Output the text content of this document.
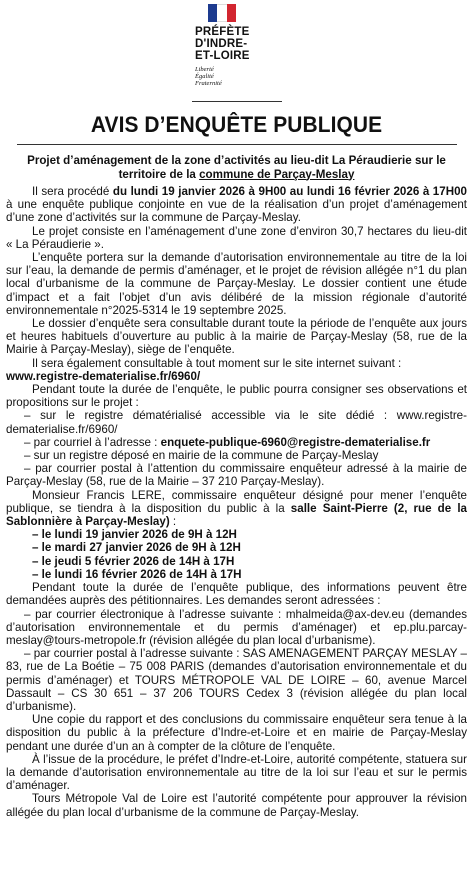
PRÉFÈTE
D'INDRE-
ET-LOIRE
Liberté
Égalité
Fraternité
AVIS D’ENQUÊTE PUBLIQUE
Projet d’aménagement de la zone d’activités au lieu-dit La Péraudierie sur le territoire de la commune de Parçay-Meslay

Il sera procédé du lundi 19 janvier 2026 à 9H00 au lundi 16 février 2026 à 17H00 à une enquête publique conjointe en vue de la réalisation d’un projet d’aménagement d’une zone d’activités sur la commune de Parçay-Meslay.

Le projet consiste en l’aménagement d’une zone d’environ 30,7 hectares du lieu-dit « La Péraudierie ».

L’enquête portera sur la demande d’autorisation environnementale au titre de la loi sur l’eau, la demande de permis d’aménager, et le projet de révision allégée n°1 du plan local d’urbanisme de la commune de Parçay-Meslay. Le dossier contient une étude d’impact et a fait l’objet d’un avis délibéré de la mission régionale d’autorité environnementale n°2025-5314 le 19 septembre 2025.

Le dossier d’enquête sera consultable durant toute la période de l’enquête aux jours et heures habituels d’ouverture au public à la mairie de Parçay-Meslay (58, rue de la Mairie à Parçay-Meslay), siège de l’enquête.

Il sera également consultable à tout moment sur le site internet suivant :

www.registre-dematerialise.fr/6960/

Pendant toute la durée de l’enquête, le public pourra consigner ses observations et propositions sur le projet :

– sur le registre dématérialisé accessible via le site dédié : www.registre-dematerialise.fr/6960/

– par courriel à l’adresse : enquete-publique-6960@registre-dematerialise.fr

– sur un registre déposé en mairie de la commune de Parçay-Meslay

– par courrier postal à l’attention du commissaire enquêteur adressé à la mairie de Parçay-Meslay (58, rue de la Mairie – 37 210 Parçay-Meslay).

Monsieur Francis LERE, commissaire enquêteur désigné pour mener l’enquête publique, se tiendra à la disposition du public à la salle Saint-Pierre (2, rue de la Sablonnière à Parçay-Meslay) :

– le lundi 19 janvier 2026 de 9H à 12H

– le mardi 27 janvier 2026 de 9H à 12H

– le jeudi 5 février 2026 de 14H à 17H

– le lundi 16 février 2026 de 14H à 17H

Pendant toute la durée de l’enquête publique, des informations peuvent être demandées auprès des pétitionnaires. Les demandes seront adressées :

– par courrier électronique à l’adresse suivante : mhalmeida@ax-dev.eu (demandes d’autorisation environnementale et du permis d’aménager) et ep.plu.parcay-meslay@tours-metropole.fr (révision allégée du plan local d’urbanisme).

– par courrier postal à l’adresse suivante : SAS AMENAGEMENT PARÇAY MESLAY – 83, rue de La Boétie – 75 008 PARIS (demandes d’autorisation environnementale et du permis d’aménager) et TOURS MÉTROPOLE VAL DE LOIRE – 60, avenue Marcel Dassault – CS 30 651 – 37 206 TOURS Cedex 3 (révision allégée du plan local d’urbanisme).

Une copie du rapport et des conclusions du commissaire enquêteur sera tenue à la disposition du public à la préfecture d’Indre-et-Loire et en mairie de Parçay-Meslay pendant une durée d’un an à compter de la clôture de l’enquête.

À l’issue de la procédure, le préfet d’Indre-et-Loire, autorité compétente, statuera sur la demande d’autorisation environnementale au titre de la loi sur l’eau et sur le permis d’aménager.

Tours Métropole Val de Loire est l’autorité compétente pour approuver la révision allégée du plan local d’urbanisme de la commune de Parçay-Meslay.
